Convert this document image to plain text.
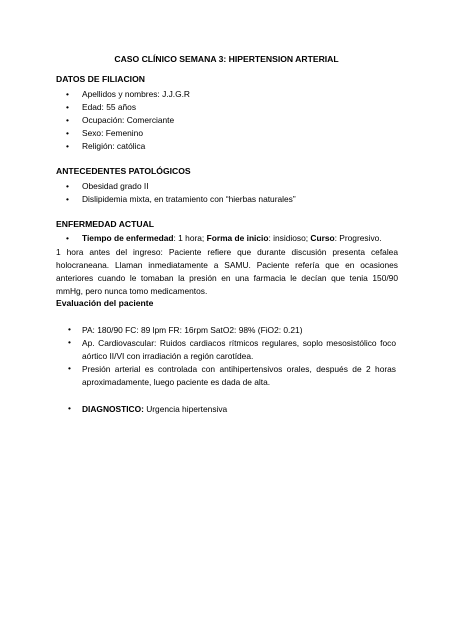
CASO CLÍNICO SEMANA 3: HIPERTENSION ARTERIAL
DATOS DE FILIACION
• Apellidos y nombres: J.J.G.R
• Edad: 55 años
• Ocupación: Comerciante
• Sexo: Femenino
• Religión: católica
ANTECEDENTES PATOLÓGICOS
• Obesidad grado II
• Dislipidemia mixta, en tratamiento con “hierbas naturales”
ENFERMEDAD ACTUAL
• Tiempo de enfermedad: 1 hora; Forma de inicio: insidioso; Curso: Progresivo.
1 hora antes del ingreso: Paciente refiere que durante discusión presenta cefalea holocraneana. Llaman inmediatamente a SAMU. Paciente refería que en ocasiones anteriores cuando le tomaban la presión en una farmacia le decían que tenia 150/90 mmHg, pero nunca tomo medicamentos.
Evaluación del paciente
• PA: 180/90 FC: 89 lpm FR: 16rpm SatO2: 98% (FiO2: 0.21)
• Ap. Cardiovascular: Ruidos cardiacos rítmicos regulares, soplo mesosistólico foco aórtico II/VI con irradiación a región carotídea.
• Presión arterial es controlada con antihipertensivos orales, después de 2 horas aproximadamente, luego paciente es dada de alta.
• DIAGNOSTICO: Urgencia hipertensiva
